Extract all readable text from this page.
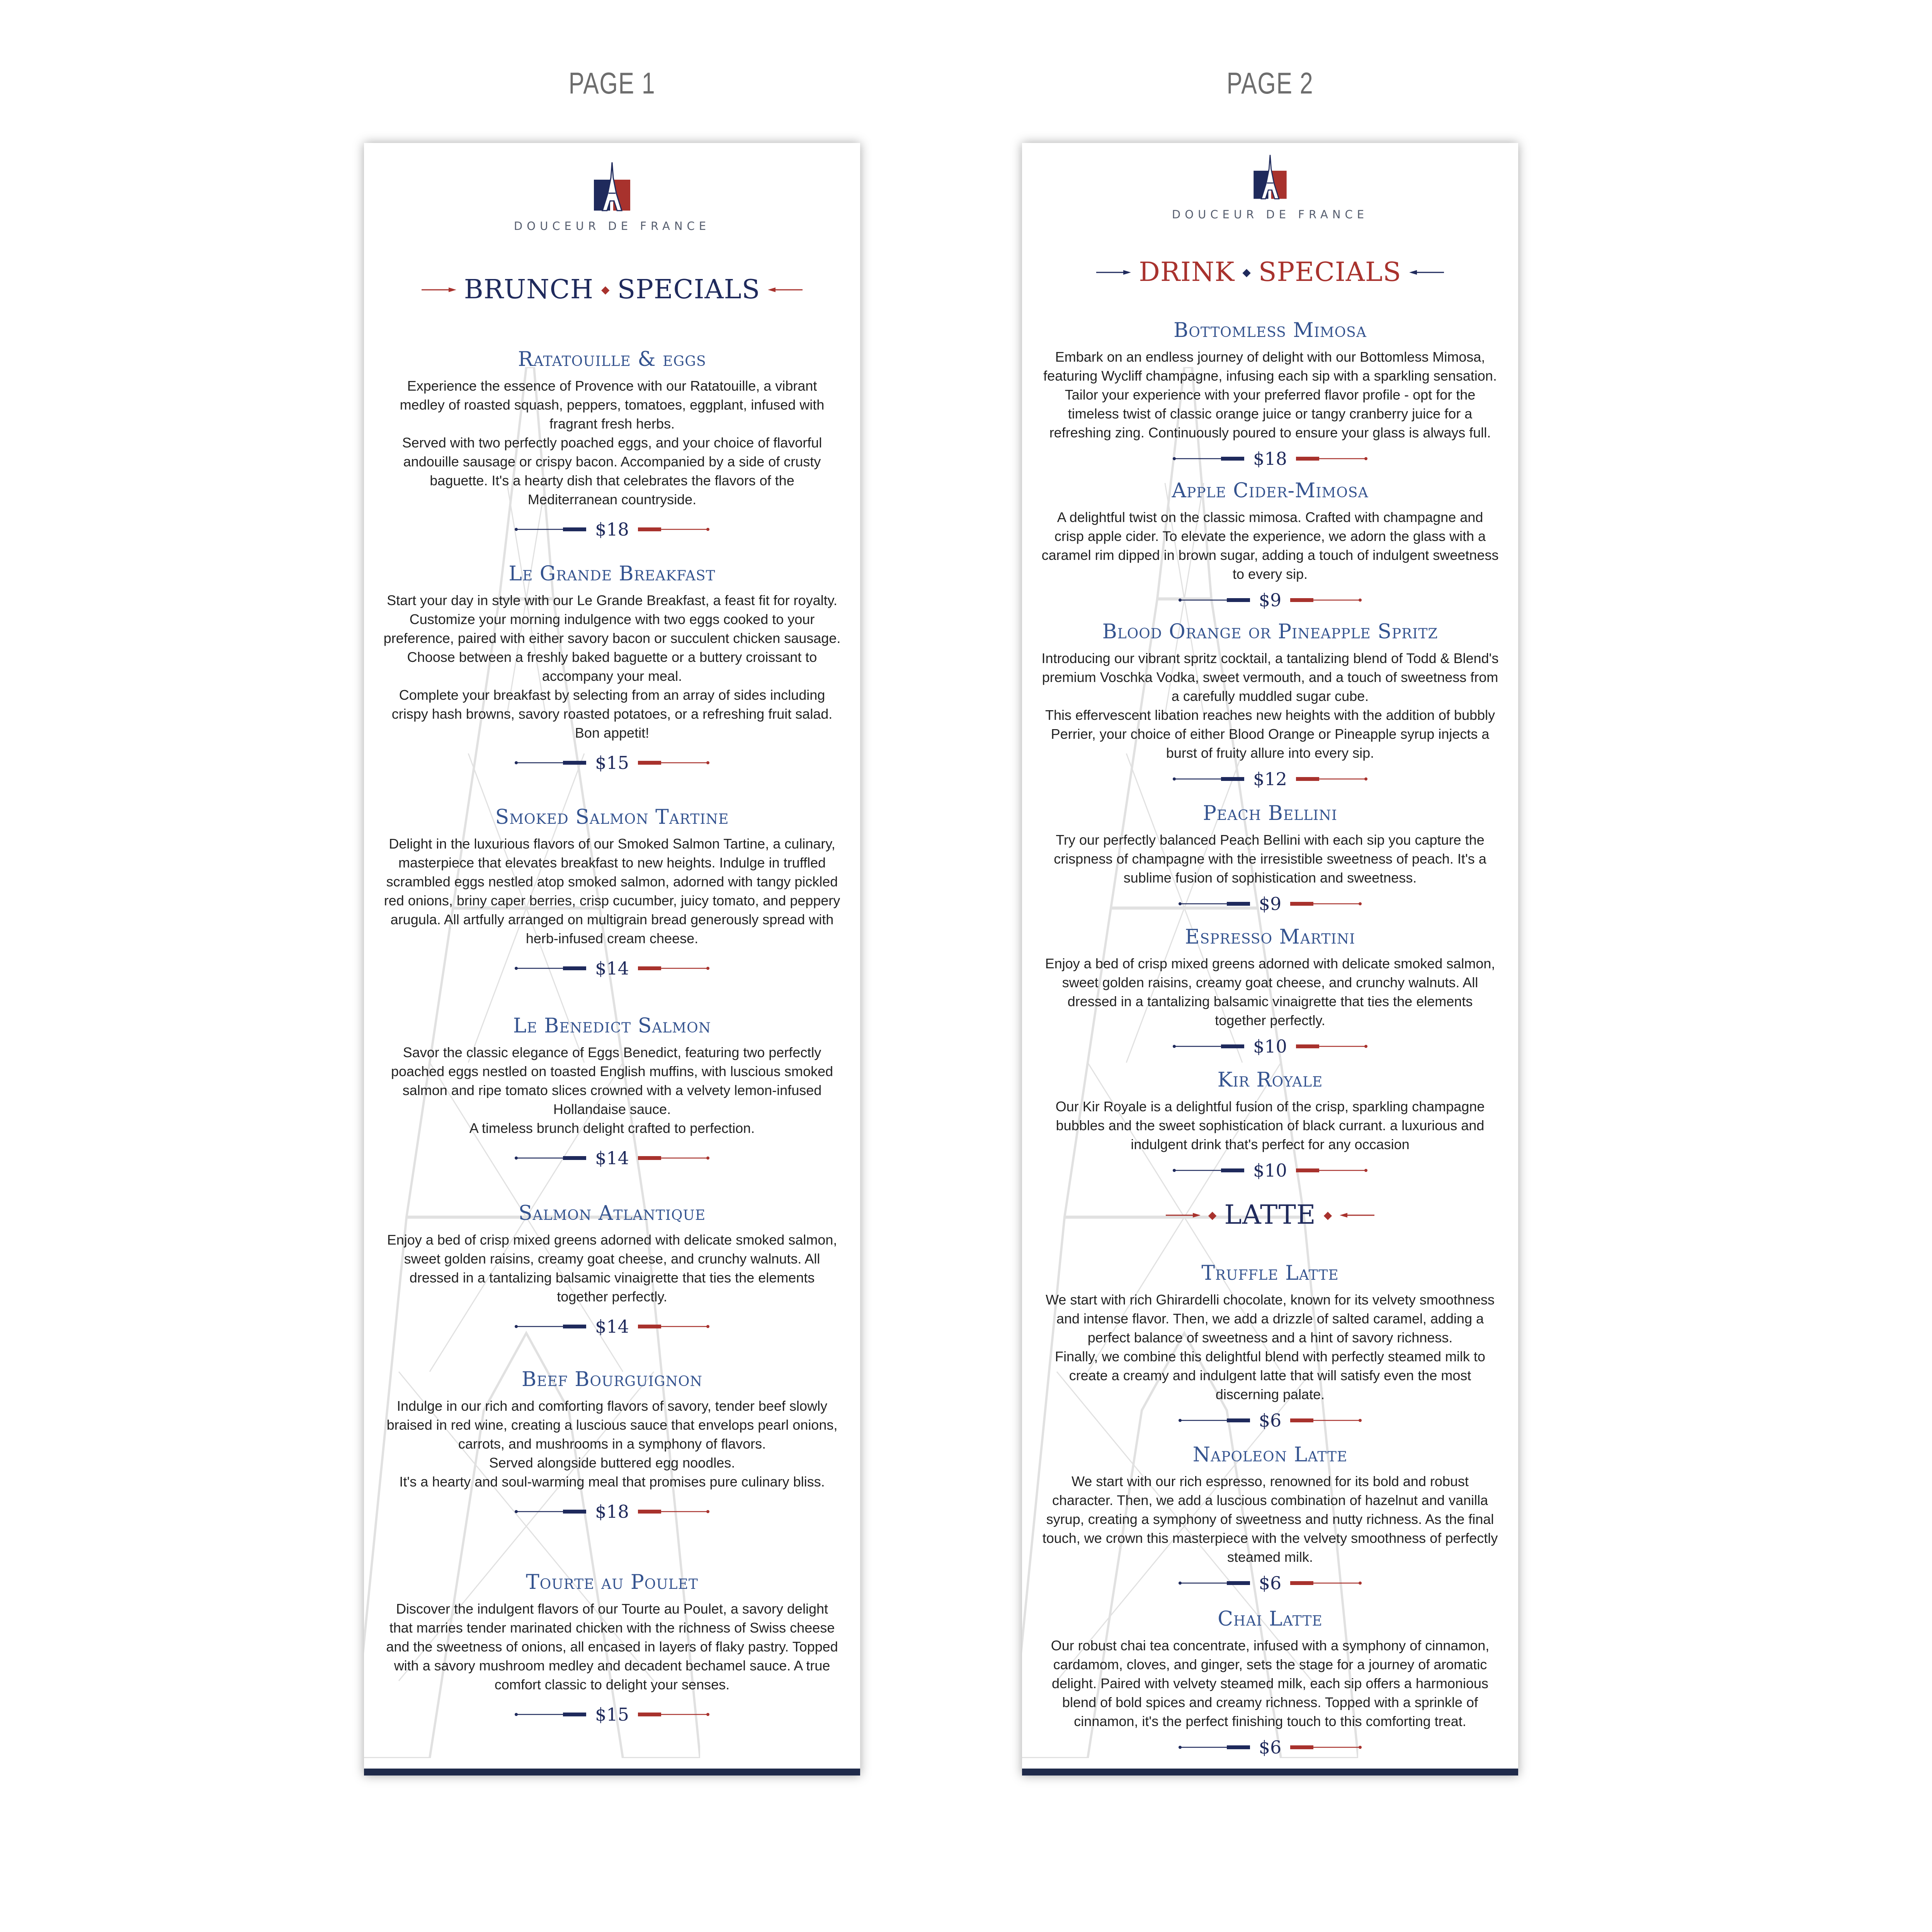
PAGE 1	PAGE 2
DOUCEUR DE FRANCE
BRUNCH ◆ SPECIALS
Ratatouille & eggs
Experience the essence of Provence with our Ratatouille, a vibrant medley of roasted squash, peppers, tomatoes, eggplant, infused with fragrant fresh herbs.
Served with two perfectly poached eggs, and your choice of flavorful andouille sausage or crispy bacon. Accompanied by a side of crusty baguette. It's a hearty dish that celebrates the flavors of the Mediterranean countryside.
$18
Le Grande Breakfast
Start your day in style with our Le Grande Breakfast, a feast fit for royalty. Customize your morning indulgence with two eggs cooked to your preference, paired with either savory bacon or succulent chicken sausage. Choose between a freshly baked baguette or a buttery croissant to accompany your meal.
Complete your breakfast by selecting from an array of sides including crispy hash browns, savory roasted potatoes, or a refreshing fruit salad. Bon appetit!
$15
Smoked Salmon Tartine
Delight in the luxurious flavors of our Smoked Salmon Tartine, a culinary, masterpiece that elevates breakfast to new heights. Indulge in truffled scrambled eggs nestled atop smoked salmon, adorned with tangy pickled red onions, briny caper berries, crisp cucumber, juicy tomato, and peppery arugula. All artfully arranged on multigrain bread generously spread with herb-infused cream cheese.
$14
Le Benedict Salmon
Savor the classic elegance of Eggs Benedict, featuring two perfectly poached eggs nestled on toasted English muffins, with luscious smoked salmon and ripe tomato slices crowned with a velvety lemon-infused Hollandaise sauce.
A timeless brunch delight crafted to perfection.
$14
Salmon Atlantique
Enjoy a bed of crisp mixed greens adorned with delicate smoked salmon, sweet golden raisins, creamy goat cheese, and crunchy walnuts. All dressed in a tantalizing balsamic vinaigrette that ties the elements together perfectly.
$14
Beef Bourguignon
Indulge in our rich and comforting flavors of savory, tender beef slowly braised in red wine, creating a luscious sauce that envelops pearl onions, carrots, and mushrooms in a symphony of flavors.
Served alongside buttered egg noodles.
It's a hearty and soul-warming meal that promises pure culinary bliss.
$18
Tourte au Poulet
Discover the indulgent flavors of our Tourte au Poulet, a savory delight that marries tender marinated chicken with the richness of Swiss cheese and the sweetness of onions, all encased in layers of flaky pastry. Topped with a savory mushroom medley and decadent bechamel sauce. A true comfort classic to delight your senses.
$15
DOUCEUR DE FRANCE
DRINK ◆ SPECIALS
Bottomless Mimosa
Embark on an endless journey of delight with our Bottomless Mimosa, featuring Wycliff champagne, infusing each sip with a sparkling sensation. Tailor your experience with your preferred flavor profile - opt for the timeless twist of classic orange juice or tangy cranberry juice for a refreshing zing. Continuously poured to ensure your glass is always full.
$18
Apple Cider-Mimosa
A delightful twist on the classic mimosa. Crafted with champagne and crisp apple cider. To elevate the experience, we adorn the glass with a caramel rim dipped in brown sugar, adding a touch of indulgent sweetness to every sip.
$9
Blood Orange or Pineapple Spritz
Introducing our vibrant spritz cocktail, a tantalizing blend of Todd & Blend's premium Voschka Vodka, sweet vermouth, and a touch of sweetness from a carefully muddled sugar cube.
This effervescent libation reaches new heights with the addition of bubbly Perrier, your choice of either Blood Orange or Pineapple syrup injects a burst of fruity allure into every sip.
$12
Peach Bellini
Try our perfectly balanced Peach Bellini with each sip you capture the crispness of champagne with the irresistible sweetness of peach. It's a sublime fusion of sophistication and sweetness.
$9
Espresso Martini
Enjoy a bed of crisp mixed greens adorned with delicate smoked salmon, sweet golden raisins, creamy goat cheese, and crunchy walnuts. All dressed in a tantalizing balsamic vinaigrette that ties the elements together perfectly.
$10
Kir Royale
Our Kir Royale is a delightful fusion of the crisp, sparkling champagne bubbles and the sweet sophistication of black currant. a luxurious and indulgent drink that's perfect for any occasion
$10
◆ LATTE ◆
Truffle Latte
We start with rich Ghirardelli chocolate, known for its velvety smoothness and intense flavor. Then, we add a drizzle of salted caramel, adding a perfect balance of sweetness and a hint of savory richness.
Finally, we combine this delightful blend with perfectly steamed milk to create a creamy and indulgent latte that will satisfy even the most discerning palate.
$6
Napoleon Latte
We start with our rich espresso, renowned for its bold and robust character. Then, we add a luscious combination of hazelnut and vanilla syrup, creating a symphony of sweetness and nutty richness. As the final touch, we crown this masterpiece with the velvety smoothness of perfectly steamed milk.
$6
Chai Latte
Our robust chai tea concentrate, infused with a symphony of cinnamon, cardamom, cloves, and ginger, sets the stage for a journey of aromatic delight. Paired with velvety steamed milk, each sip offers a harmonious blend of bold spices and creamy richness. Topped with a sprinkle of cinnamon, it's the perfect finishing touch to this comforting treat.
$6
